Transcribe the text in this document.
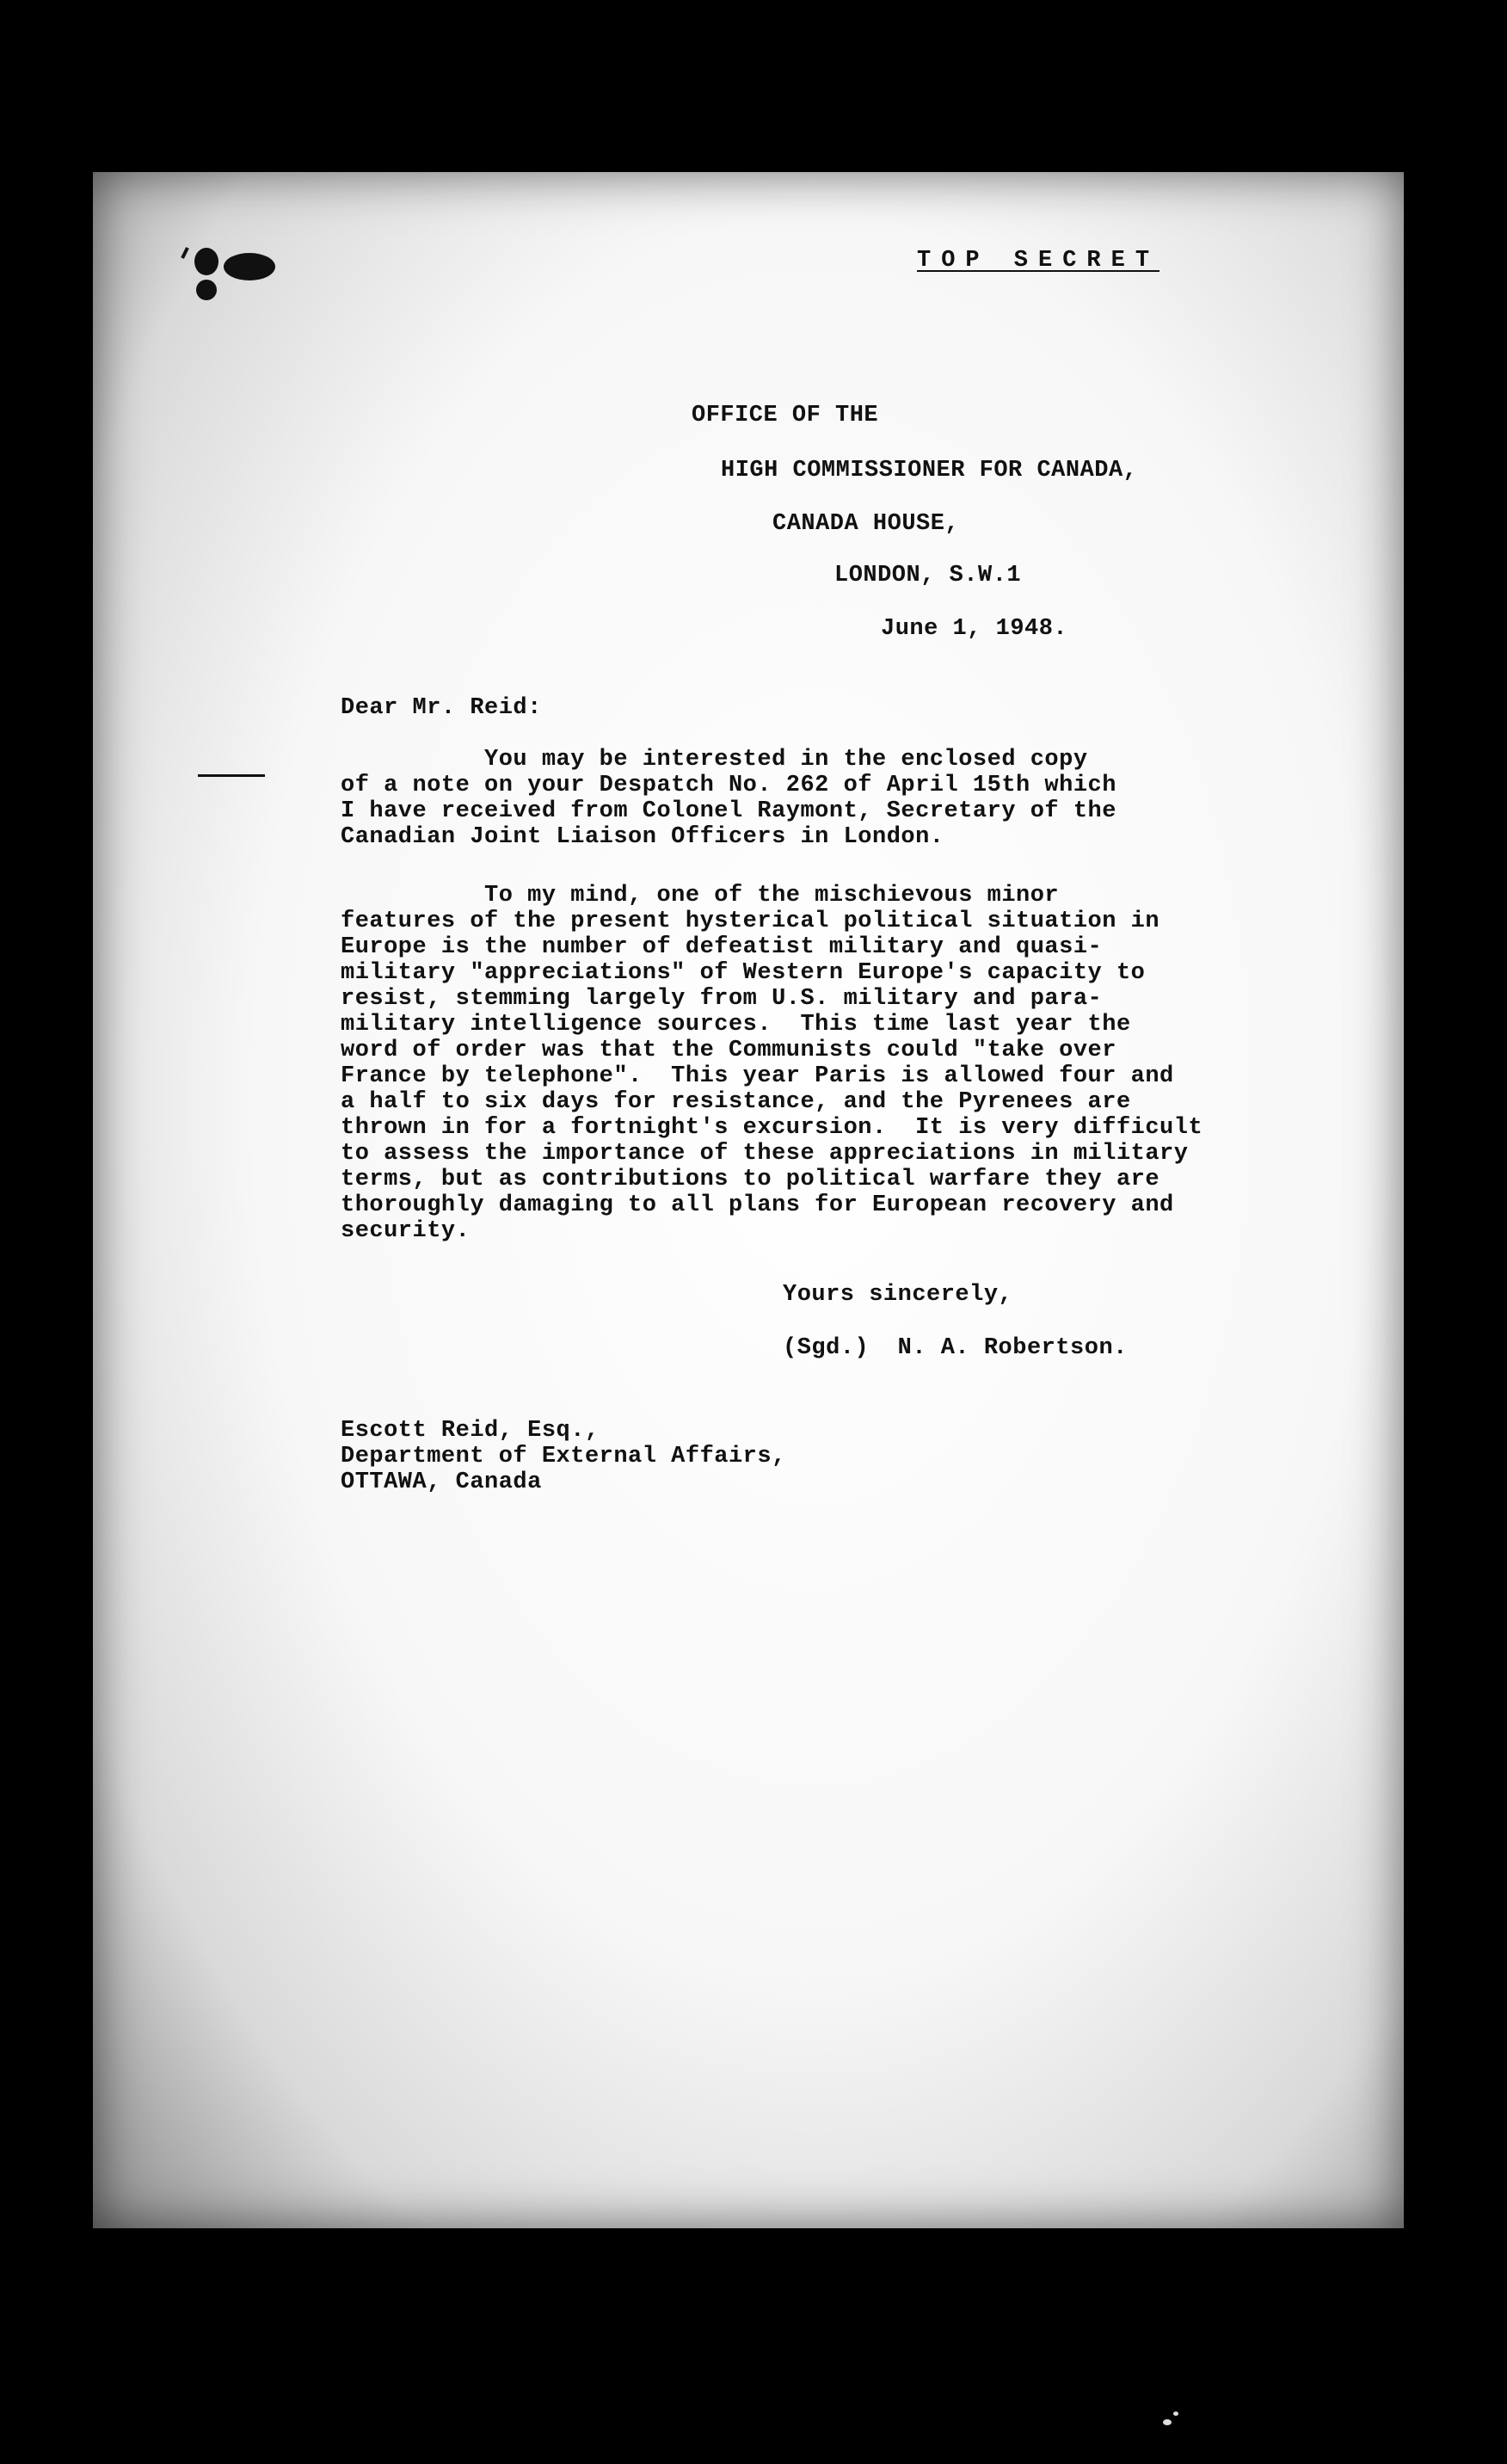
TOP SECRET
OFFICE OF THE
HIGH COMMISSIONER FOR CANADA,
CANADA HOUSE,
LONDON, S.W.1
June 1, 1948.
Dear Mr. Reid:
You may be interested in the enclosed copy
of a note on your Despatch No. 262 of April 15th which
I have received from Colonel Raymont, Secretary of the
Canadian Joint Liaison Officers in London.
To my mind, one of the mischievous minor
features of the present hysterical political situation in
Europe is the number of defeatist military and quasi-
military "appreciations" of Western Europe's capacity to
resist, stemming largely from U.S. military and para-
military intelligence sources.  This time last year the
word of order was that the Communists could "take over
France by telephone".  This year Paris is allowed four and
a half to six days for resistance, and the Pyrenees are
thrown in for a fortnight's excursion.  It is very difficult
to assess the importance of these appreciations in military
terms, but as contributions to political warfare they are
thoroughly damaging to all plans for European recovery and
security.
Yours sincerely,
(Sgd.)  N. A. Robertson.
Escott Reid, Esq.,
Department of External Affairs,
OTTAWA, Canada
